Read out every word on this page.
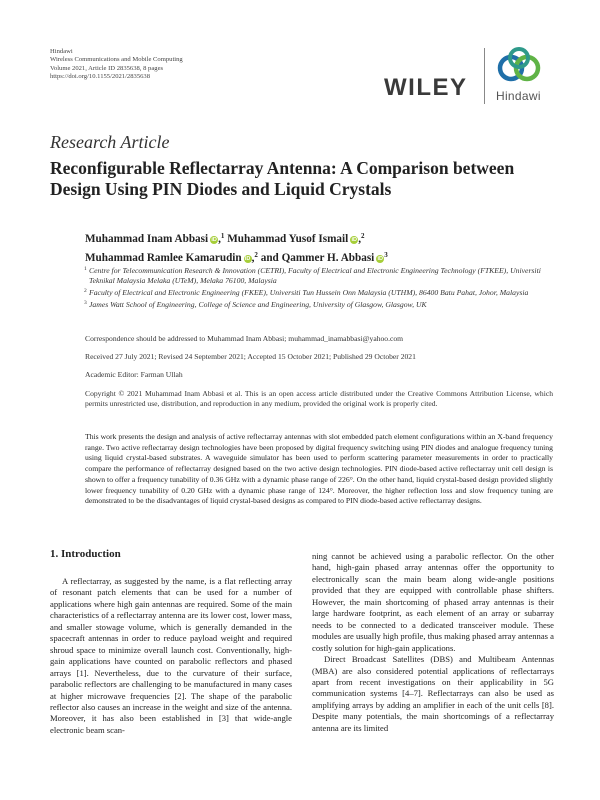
Hindawi
Wireless Communications and Mobile Computing
Volume 2021, Article ID 2835638, 8 pages
https://doi.org/10.1155/2021/2835638	WILEY Hindawi
Research Article
Reconfigurable Reflectarray Antenna: A Comparison between Design Using PIN Diodes and Liquid Crystals
Muhammad Inam Abbasi iD,$^1$ Muhammad Yusof Ismail iD,$^2$
Muhammad Ramlee Kamarudin iD,$^2$ and Qammer H. Abbasi $iD^3$
1 Centre for Telecommunication Research & Innovation (CETRI), Faculty of Electrical and Electronic Engineering Technology (FTKEE), Universiti Teknikal Malaysia Melaka (UTeM), Melaka 76100, Malaysia
2 Faculty of Electrical and Electronic Engineering (FKEE), Universiti Tun Hussein Onn Malaysia (UTHM), 86400 Batu Pahat, Johor, Malaysia
3 James Watt School of Engineering, College of Science and Engineering, University of Glasgow, Glasgow, UK
Correspondence should be addressed to Muhammad Inam Abbasi; muhammad_inamabbasi@yahoo.com
Received 27 July 2021; Revised 24 September 2021; Accepted 15 October 2021; Published 29 October 2021
Academic Editor: Farman Ullah
Copyright © 2021 Muhammad Inam Abbasi et al. This is an open access article distributed under the Creative Commons Attribution License, which permits unrestricted use, distribution, and reproduction in any medium, provided the original work is properly cited.
This work presents the design and analysis of active reflectarray antennas with slot embedded patch element configurations within an X-band frequency range. Two active reflectarray design technologies have been proposed by digital frequency switching using PIN diodes and analogue frequency tuning using liquid crystal-based substrates. A waveguide simulator has been used to perform scattering parameter measurements in order to practically compare the performance of reflectarray designed based on the two active design technologies. PIN diode-based active reflectarray unit cell design is shown to offer a frequency tunability of 0.36 GHz with a dynamic phase range of 226°. On the other hand, liquid crystal-based design provided slightly lower frequency tunability of 0.20 GHz with a dynamic phase range of 124°. Moreover, the higher reflection loss and slow frequency tuning are demonstrated to be the disadvantages of liquid crystal-based designs as compared to PIN diode-based active reflectarray designs.
1. Introduction

A reflectarray, as suggested by the name, is a flat reflecting array of resonant patch elements that can be used for a number of applications where high gain antennas are required. Some of the main characteristics of a reflectarray antenna are its lower cost, lower mass, and smaller stowage volume, which is generally demanded in the spacecraft antennas in order to reduce payload weight and required shroud space to minimize overall launch cost. Conventionally, high-gain applications have counted on parabolic reflectors and phased arrays [1]. Nevertheless, due to the curvature of their surface, parabolic reflectors are challenging to be manufactured in many cases at higher microwave frequencies [2]. The shape of the parabolic reflector also causes an increase in the weight and size of the antenna. Moreover, it has also been established in [3] that wide-angle electronic beam scan-

ning cannot be achieved using a parabolic reflector. On the other hand, high-gain phased array antennas offer the opportunity to electronically scan the main beam along wide-angle positions provided that they are equipped with controllable phase shifters. However, the main shortcoming of phased array antennas is their large hardware footprint, as each element of an array or subarray needs to be connected to a dedicated transceiver module. These modules are usually high profile, thus making phased array antennas a costly solution for high-gain applications.

Direct Broadcast Satellites (DBS) and Multibeam Antennas (MBA) are also considered potential applications of reflectarrays apart from recent investigations on their applicability in 5G communication systems [4–7]. Reflectarrays can also be used as amplifying arrays by adding an amplifier in each of the unit cells [8]. Despite many potentials, the main shortcomings of a reflectarray antenna are its limited
